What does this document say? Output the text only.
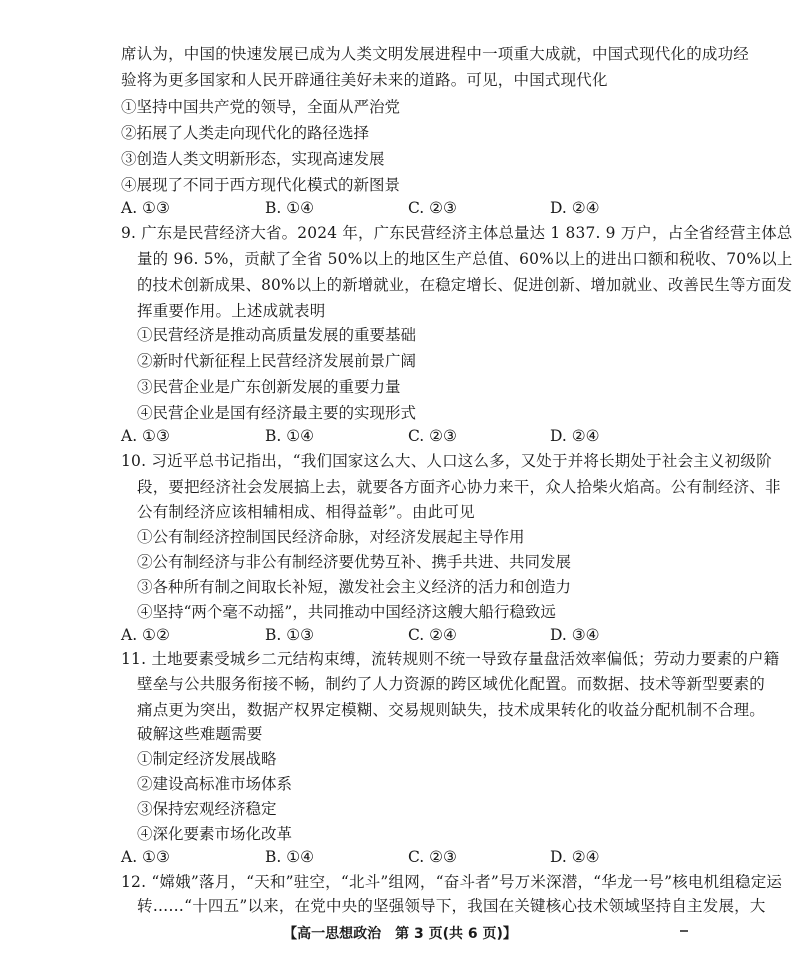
席认为，中国的快速发展已成为人类文明发展进程中一项重大成就，中国式现代化的成功经
验将为更多国家和人民开辟通往美好未来的道路。可见，中国式现代化
①坚持中国共产党的领导，全面从严治党
②拓展了人类走向现代化的路径选择
③创造人类文明新形态，实现高速发展
④展现了不同于西方现代化模式的新图景
A. ①③	B. ①④	C. ②③	D. ②④
9. 广东是民营经济大省。2024 年，广东民营经济主体总量达 1 837. 9 万户，占全省经营主体总
量的 96. 5%，贡献了全省 50%以上的地区生产总值、60%以上的进出口额和税收、70%以上
的技术创新成果、80%以上的新增就业，在稳定增长、促进创新、增加就业、改善民生等方面发
挥重要作用。上述成就表明
①民营经济是推动高质量发展的重要基础
②新时代新征程上民营经济发展前景广阔
③民营企业是广东创新发展的重要力量
④民营企业是国有经济最主要的实现形式
A. ①③	B. ①④	C. ②③	D. ②④
10. 习近平总书记指出，“我们国家这么大、人口这么多，又处于并将长期处于社会主义初级阶
段，要把经济社会发展搞上去，就要各方面齐心协力来干，众人拾柴火焰高。公有制经济、非
公有制经济应该相辅相成、相得益彰”。由此可见
①公有制经济控制国民经济命脉，对经济发展起主导作用
②公有制经济与非公有制经济要优势互补、携手共进、共同发展
③各种所有制之间取长补短，激发社会主义经济的活力和创造力
④坚持“两个毫不动摇”，共同推动中国经济这艘大船行稳致远
A. ①②	B. ①③	C. ②④	D. ③④
11. 土地要素受城乡二元结构束缚，流转规则不统一导致存量盘活效率偏低；劳动力要素的户籍
壁垒与公共服务衔接不畅，制约了人力资源的跨区域优化配置。而数据、技术等新型要素的
痛点更为突出，数据产权界定模糊、交易规则缺失，技术成果转化的收益分配机制不合理。
破解这些难题需要
①制定经济发展战略
②建设高标准市场体系
③保持宏观经济稳定
④深化要素市场化改革
A. ①③	B. ①④	C. ②③	D. ②④
12. “嫦娥”落月，“天和”驻空，“北斗”组网，“奋斗者”号万米深潜，“华龙一号”核电机组稳定运
转……“十四五”以来，在党中央的坚强领导下，我国在关键核心技术领域坚持自主发展，大
【高一思想政治　第 3 页(共 6 页)】
